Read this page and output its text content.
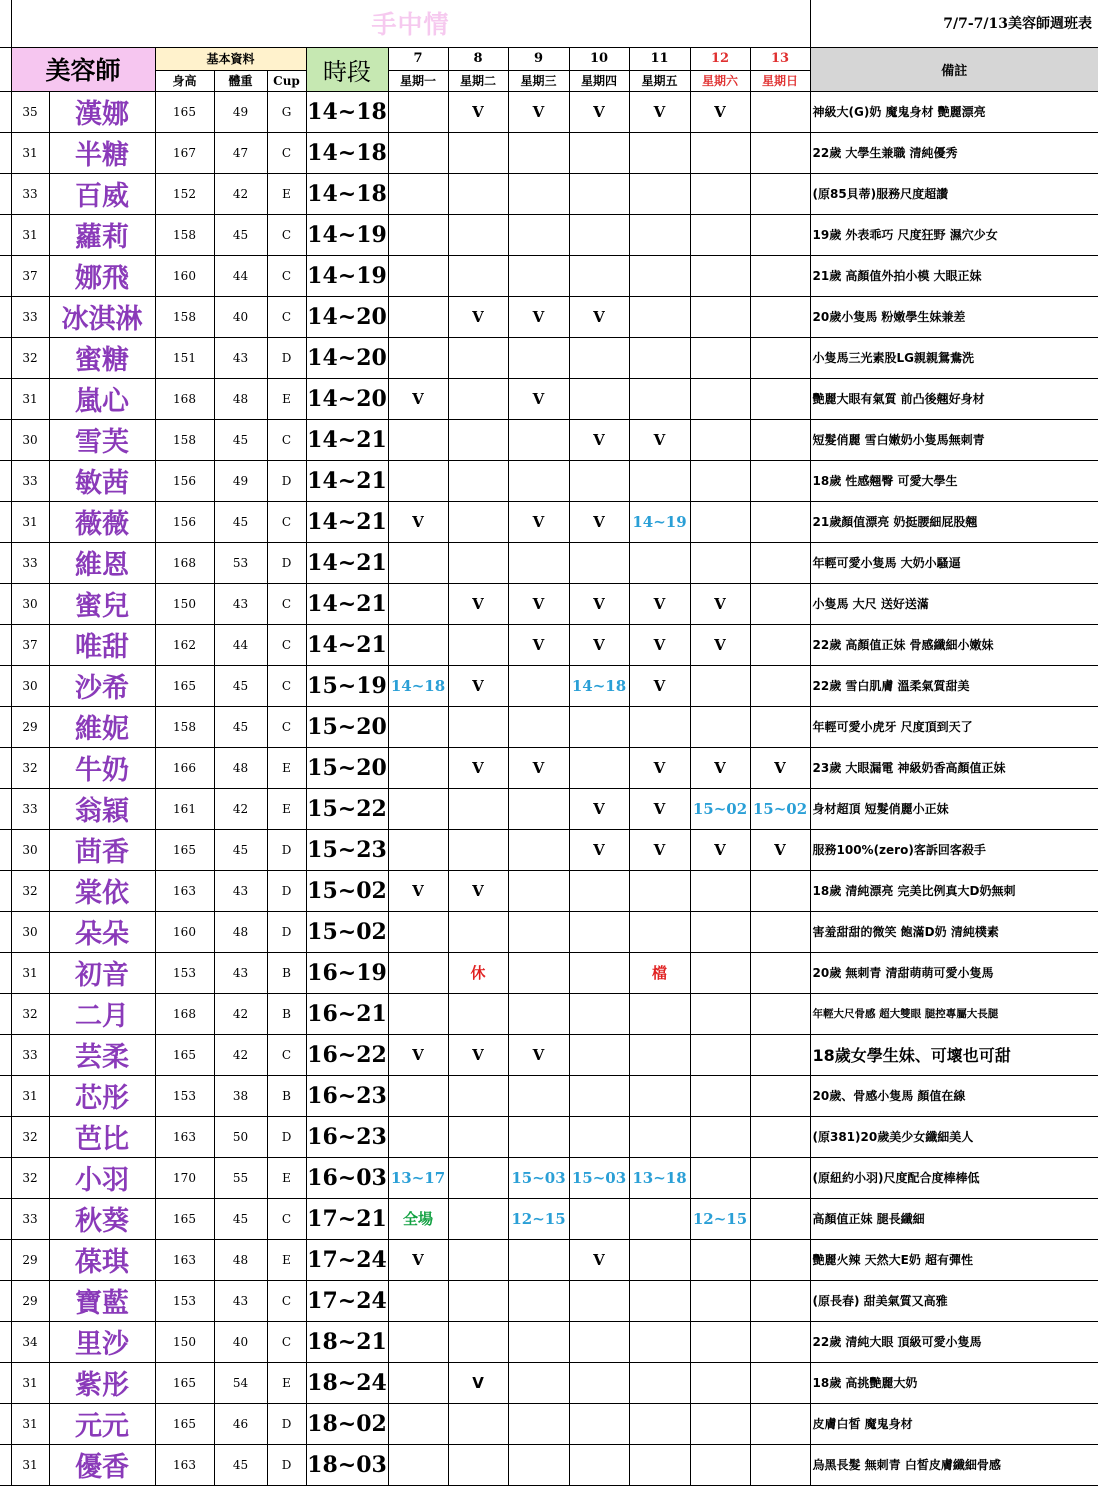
	手中情													7/7-7/13美容師週班表
	美容師		基本資料			時段	7	8	9	10	11	12	13	備註
			身高	體重	Cup		星期一	星期二	星期三	星期四	星期五	星期六	星期日	
	35	漢娜	165	49	G	14~18		V	V	V	V	V		神級大(G)奶 魔鬼身材 艷麗漂亮
	31	半糖	167	47	C	14~18								22歲 大學生兼職 清純優秀
	33	百威	152	42	E	14~18								(原85貝蒂)服務尺度超讚
	31	蘿莉	158	45	C	14~19								19歲 外表乖巧 尺度狂野 濕穴少女
	37	娜飛	160	44	C	14~19								21歲 高顏值外拍小模 大眼正妹
	33	冰淇淋	158	40	C	14~20		V	V	V				20歲小隻馬 粉嫩學生妹兼差
	32	蜜糖	151	43	D	14~20								小隻馬三光素股LG親親鴛鴦洗
	31	嵐心	168	48	E	14~20	V		V					艷麗大眼有氣質 前凸後翹好身材
	30	雪芙	158	45	C	14~21				V	V			短髮俏麗 雪白嫩奶小隻馬無刺青
	33	敏茜	156	49	D	14~21								18歲 性感翹臀 可愛大學生
	31	薇薇	156	45	C	14~21	V		V	V	14~19			21歲顏值漂亮 奶挺腰細屁股翹
	33	維恩	168	53	D	14~21								年輕可愛小隻馬 大奶小騷逼
	30	蜜兒	150	43	C	14~21		V	V	V	V	V		小隻馬 大尺 送好送滿
	37	唯甜	162	44	C	14~21			V	V	V	V		22歲 高顏值正妹 骨感纖細小嫩妹
	30	沙希	165	45	C	15~19	14~18	V		14~18	V			22歲 雪白肌膚 溫柔氣質甜美
	29	維妮	158	45	C	15~20								年輕可愛小虎牙 尺度頂到天了
	32	牛奶	166	48	E	15~20		V	V		V	V	V	23歲 大眼漏電 神級奶香高顏值正妹
	33	翁穎	161	42	E	15~22				V	V	15~02	15~02	身材超頂 短髮俏麗小正妹
	30	茴香	165	45	D	15~23				V	V	V	V	服務100%(zero)客訴回客殺手
	32	棠依	163	43	D	15~02	V	V						18歲 清純漂亮 完美比例真大D奶無刺
	30	朵朵	160	48	D	15~02								害羞甜甜的微笑 飽滿D奶 清純樸素
	31	初音	153	43	B	16~19		休			檔			20歲 無刺青 清甜萌萌可愛小隻馬
	32	二月	168	42	B	16~21								年輕大尺骨感 超大雙眼 腿控專屬大長腿
	33	芸柔	165	42	C	16~22	V	V	V					18歲女學生妹、可壞也可甜
	31	芯彤	153	38	B	16~23								20歲、骨感小隻馬 顏值在線
	32	芭比	163	50	D	16~23								(原381)20歲美少女纖細美人
	32	小羽	170	55	E	16~03	13~17		15~03	15~03	13~18			(原紐約小羽)尺度配合度棒棒低
	33	秋葵	165	45	C	17~21	全場		12~15			12~15		高顏值正妹 腿長纖細
	29	葆琪	163	48	E	17~24	V			V				艷麗火辣 天然大E奶 超有彈性
	29	寶藍	153	43	C	17~24								(原長春) 甜美氣質又高雅
	34	里沙	150	40	C	18~21								22歲 清純大眼 頂級可愛小隻馬
	31	紫彤	165	54	E	18~24		V						18歲 高挑艷麗大奶
	31	元元	165	46	D	18~02								皮膚白皙 魔鬼身材
	31	優香	163	45	D	18~03								烏黑長髮 無刺青 白皙皮膚纖細骨感
